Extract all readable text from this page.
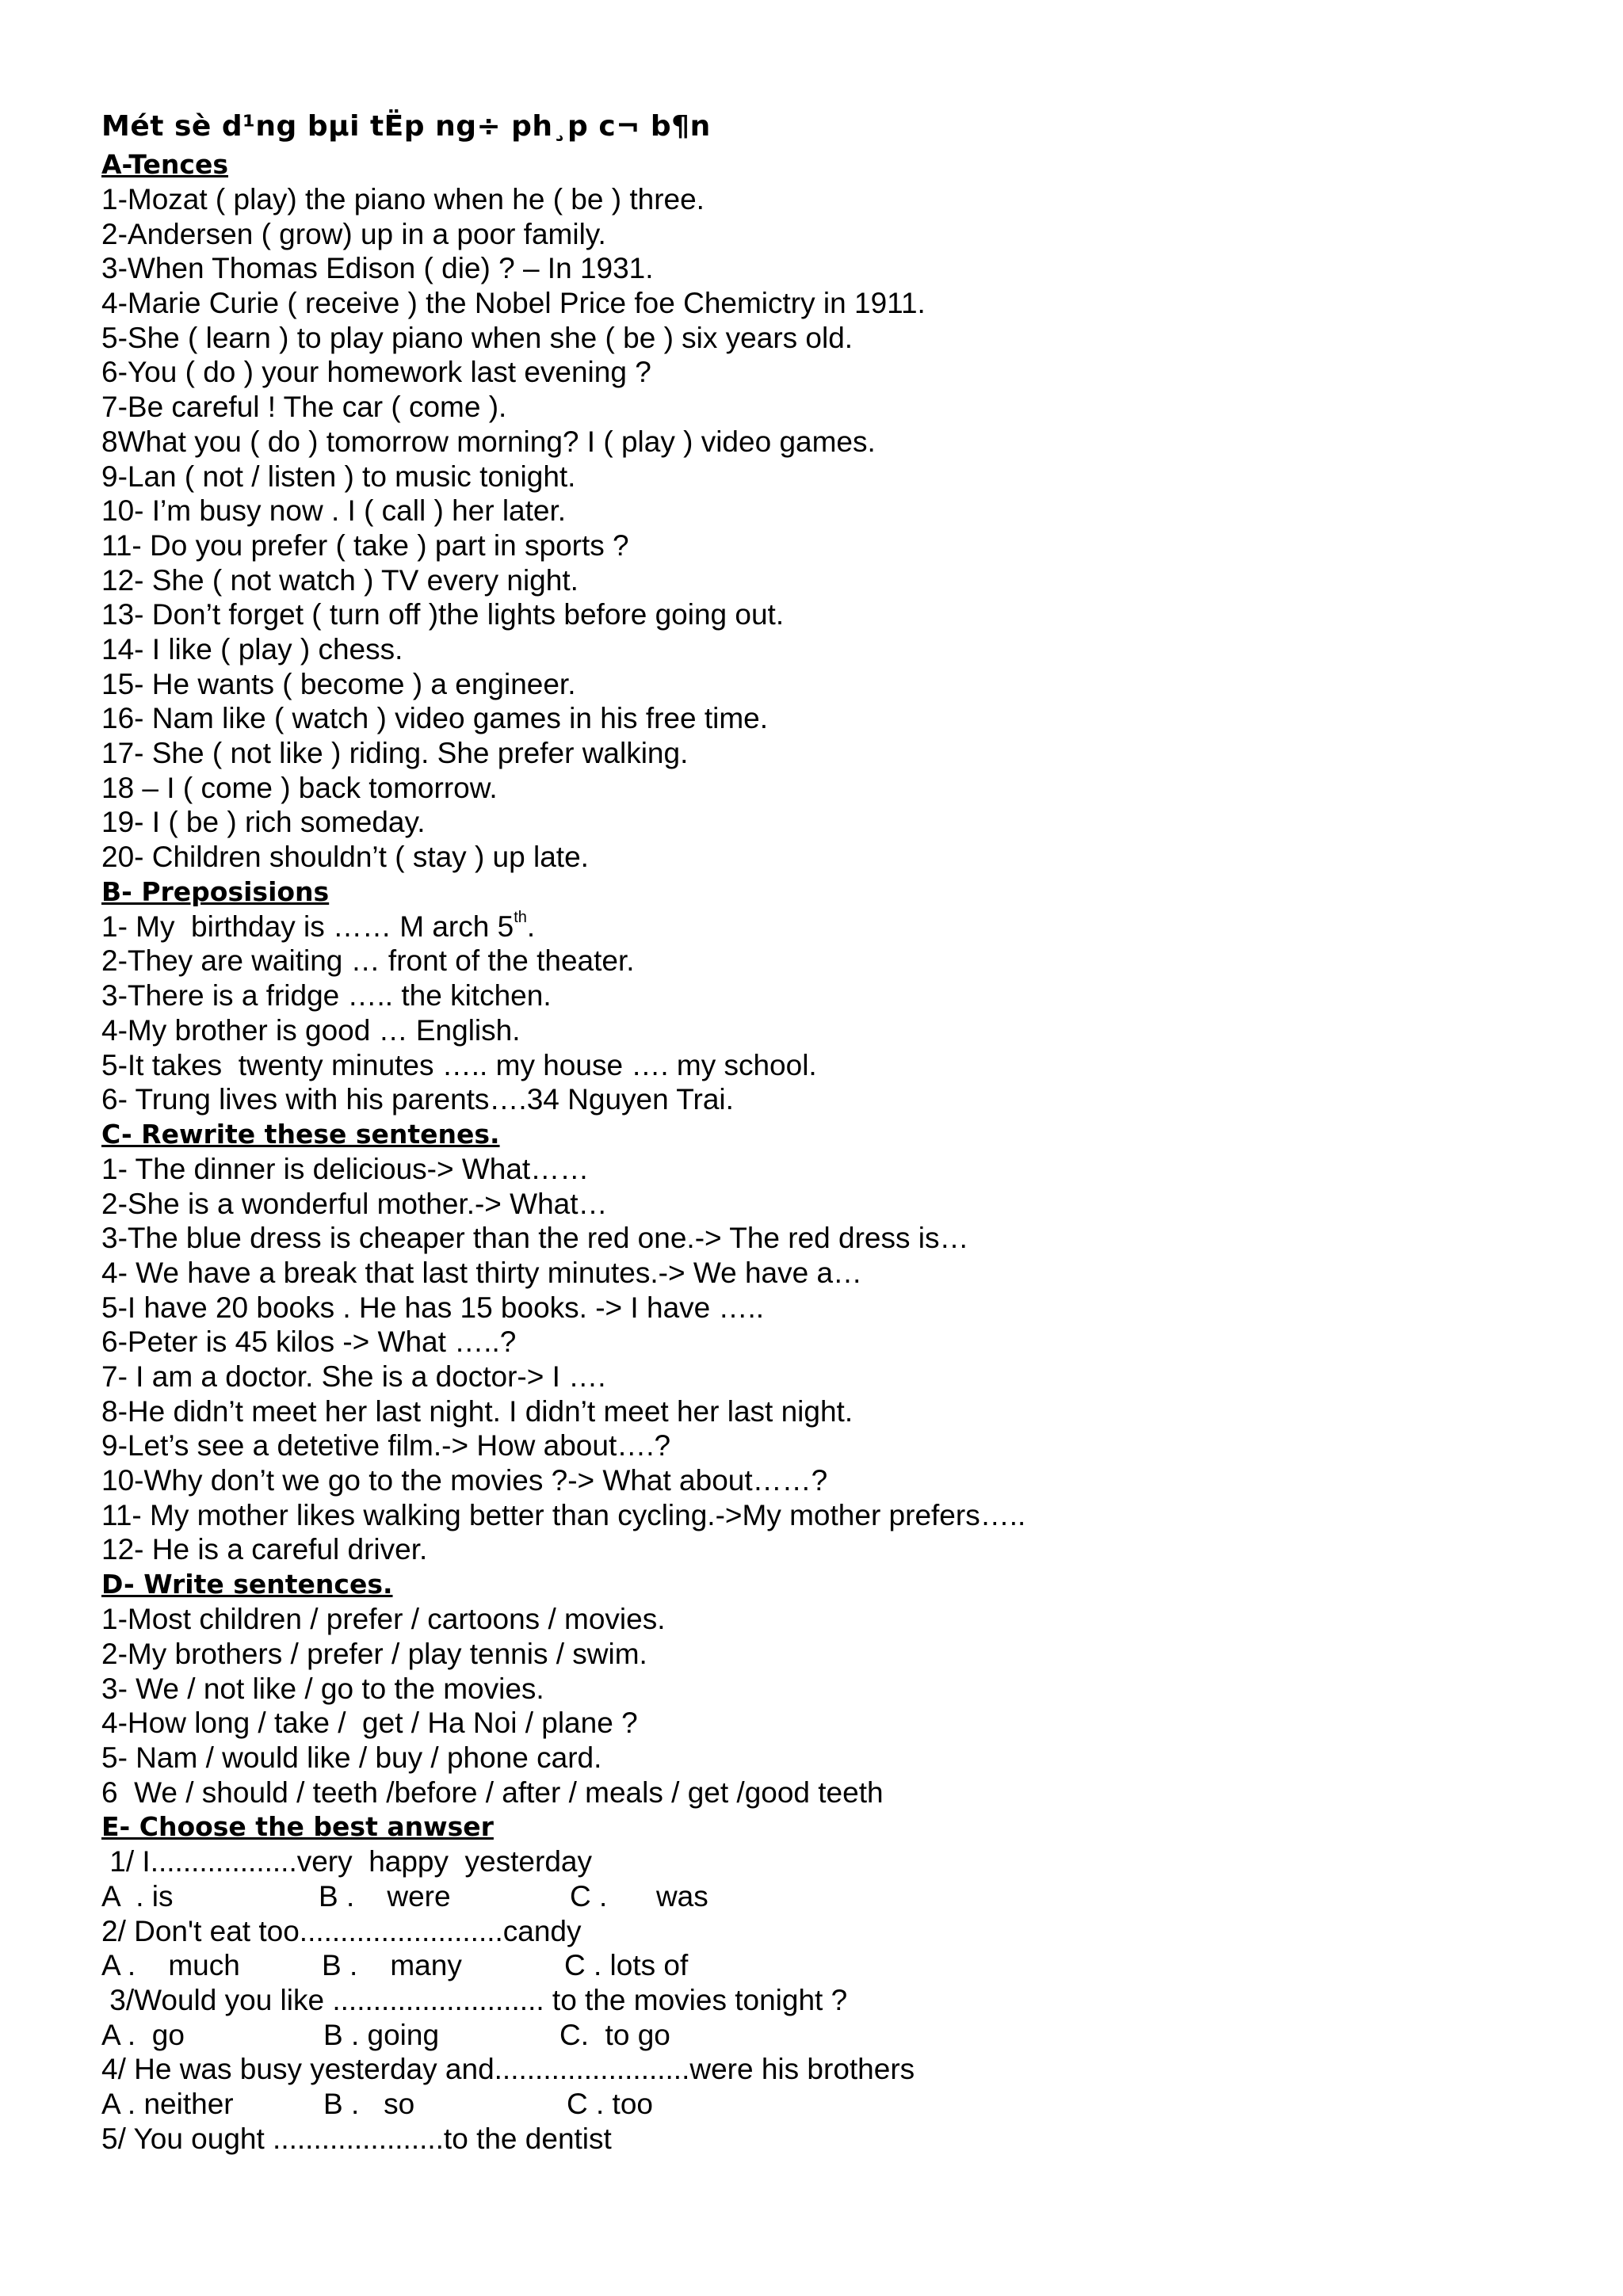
Mét sè d¹ng bµi tËp ng÷ ph¸p c¬ b¶n
A-Tences
1-Mozat ( play) the piano when he ( be ) three.
2-Andersen ( grow) up in a poor family.
3-When Thomas Edison ( die) ? – In 1931.
4-Marie Curie ( receive ) the Nobel Price foe Chemictry in 1911.
5-She ( learn ) to play piano when she ( be ) six years old.
6-You ( do ) your homework last evening ?
7-Be careful ! The car ( come ).
8What you ( do ) tomorrow morning? I ( play ) video games.
9-Lan ( not / listen ) to music tonight.
10- I’m busy now . I ( call ) her later.
11- Do you prefer ( take ) part in sports ?
12- She ( not watch ) TV every night.
13- Don’t forget ( turn off )the lights before going out.
14- I like ( play ) chess.
15- He wants ( become ) a engineer.
16- Nam like ( watch ) video games in his free time.
17- She ( not like ) riding. She prefer walking.
18 – I ( come ) back tomorrow.
19- I ( be ) rich someday.
20- Children shouldn’t ( stay ) up late.
B- Preposisions
1- My  birthday is …… M arch 5th.
2-They are waiting … front of the theater.
3-There is a fridge ….. the kitchen.
4-My brother is good … English.
5-It takes  twenty minutes ….. my house …. my school.
6- Trung lives with his parents….34 Nguyen Trai.
C- Rewrite these sentenes.
1- The dinner is delicious-> What……
2-She is a wonderful mother.-> What…
3-The blue dress is cheaper than the red one.-> The red dress is…
4- We have a break that last thirty minutes.-> We have a…
5-I have 20 books . He has 15 books. -> I have …..
6-Peter is 45 kilos -> What …..?
7- I am a doctor. She is a doctor-> I ….
8-He didn’t meet her last night. I didn’t meet her last night.
9-Let’s see a detetive film.-> How about….?
10-Why don’t we go to the movies ?-> What about……?
11- My mother likes walking better than cycling.->My mother prefers…..
12- He is a careful driver.
D- Write sentences.
1-Most children / prefer / cartoons / movies.
2-My brothers / prefer / play tennis / swim.
3- We / not like / go to the movies.
4-How long / take /  get / Ha Noi / plane ?
5- Nam / would like / buy / phone card.
6  We / should / teeth /before / after / meals / get /good teeth
E- Choose the best anwser
1/ I..................very  happy  yesterday
A  . is	B .    were	C .      was
2/ Don't eat too.........................candy
A .    much	B .    many	C . lots of
3/Would you like .......................... to the movies tonight ?
A .  go	B . going	C.  to go
4/ He was busy yesterday and........................were his brothers
A . neither	B .   so	C . too
5/ You ought .....................to the dentist
